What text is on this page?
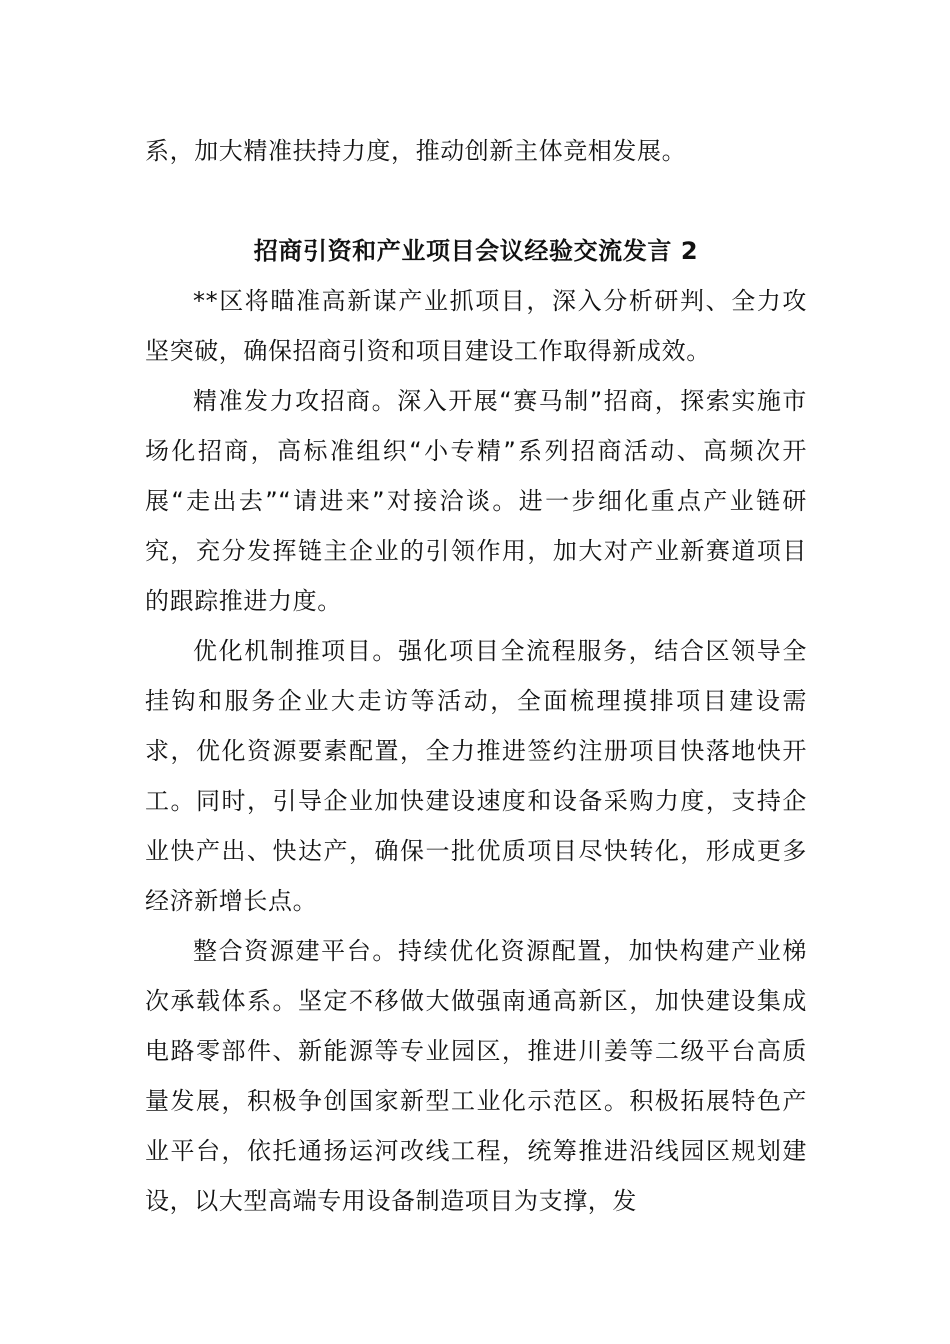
系，加大精准扶持力度，推动创新主体竞相发展。
招商引资和产业项目会议经验交流发言 2

**区将瞄准高新谋产业抓项目，深入分析研判、全力攻坚突破，确保招商引资和项目建设工作取得新成效。

精准发力攻招商。深入开展“赛马制”招商，探索实施市场化招商，高标准组织“小专精”系列招商活动、高频次开展“走出去”“请进来”对接洽谈。进一步细化重点产业链研究，充分发挥链主企业的引领作用，加大对产业新赛道项目的跟踪推进力度。

优化机制推项目。强化项目全流程服务，结合区领导全挂钩和服务企业大走访等活动，全面梳理摸排项目建设需求，优化资源要素配置，全力推进签约注册项目快落地快开工。同时，引导企业加快建设速度和设备采购力度，支持企业快产出、快达产，确保一批优质项目尽快转化，形成更多经济新增长点。

整合资源建平台。持续优化资源配置，加快构建产业梯次承载体系。坚定不移做大做强南通高新区，加快建设集成电路零部件、新能源等专业园区，推进川姜等二级平台高质量发展，积极争创国家新型工业化示范区。积极拓展特色产业平台，依托通扬运河改线工程，统筹推进沿线园区规划建设，以大型高端专用设备制造项目为支撑，发
